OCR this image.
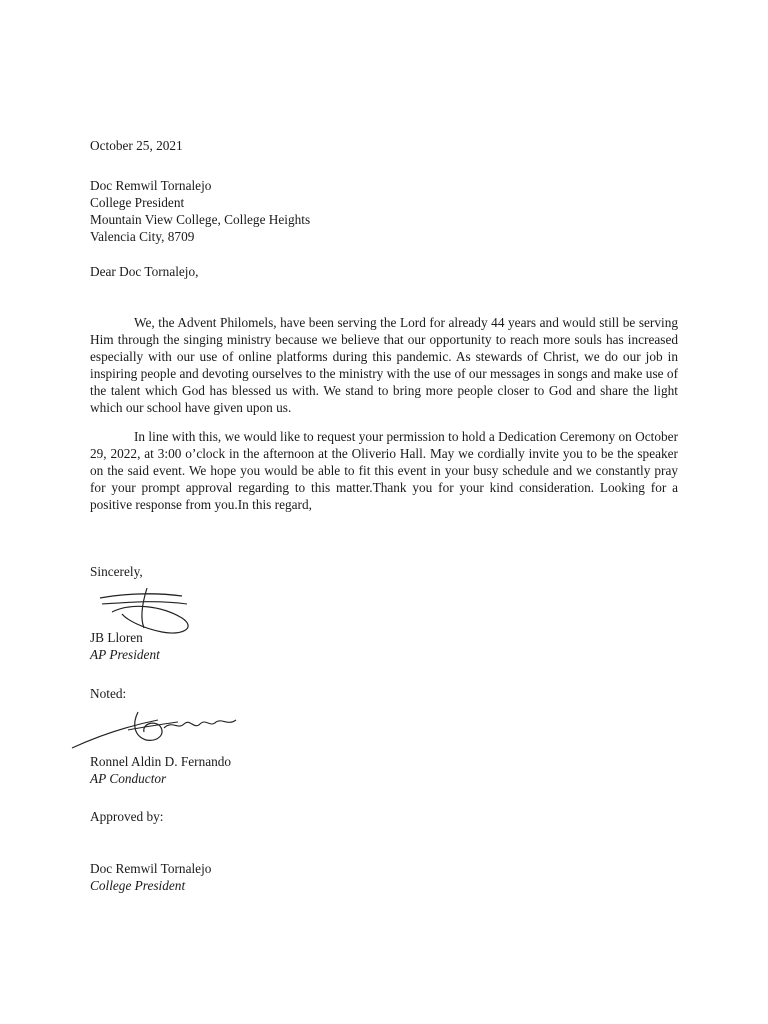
October 25, 2021
Doc Remwil Tornalejo
College President
Mountain View College, College Heights
Valencia City, 8709
Dear Doc Tornalejo,

We, the Advent Philomels, have been serving the Lord for already 44 years and would still be serving Him through the singing ministry because we believe that our opportunity to reach more souls has increased especially with our use of online platforms during this pandemic. As stewards of Christ, we do our job in inspiring people and devoting ourselves to the ministry with the use of our messages in songs and make use of the talent which God has blessed us with. We stand to bring more people closer to God and share the light which our school have given upon us.

In line with this, we would like to request your permission to hold a Dedication Ceremony on October 29, 2022, at 3:00 o’clock in the afternoon at the Oliverio Hall. May we cordially invite you to be the speaker on the said event. We hope you would be able to fit this event in your busy schedule and we constantly pray for your prompt approval regarding to this matter.Thank you for your kind consideration. Looking for a positive response from you.In this regard,

Sincerely,
JB Lloren
AP President
Noted:
Ronnel Aldin D. Fernando
AP Conductor
Approved by:
Doc Remwil Tornalejo
College President
